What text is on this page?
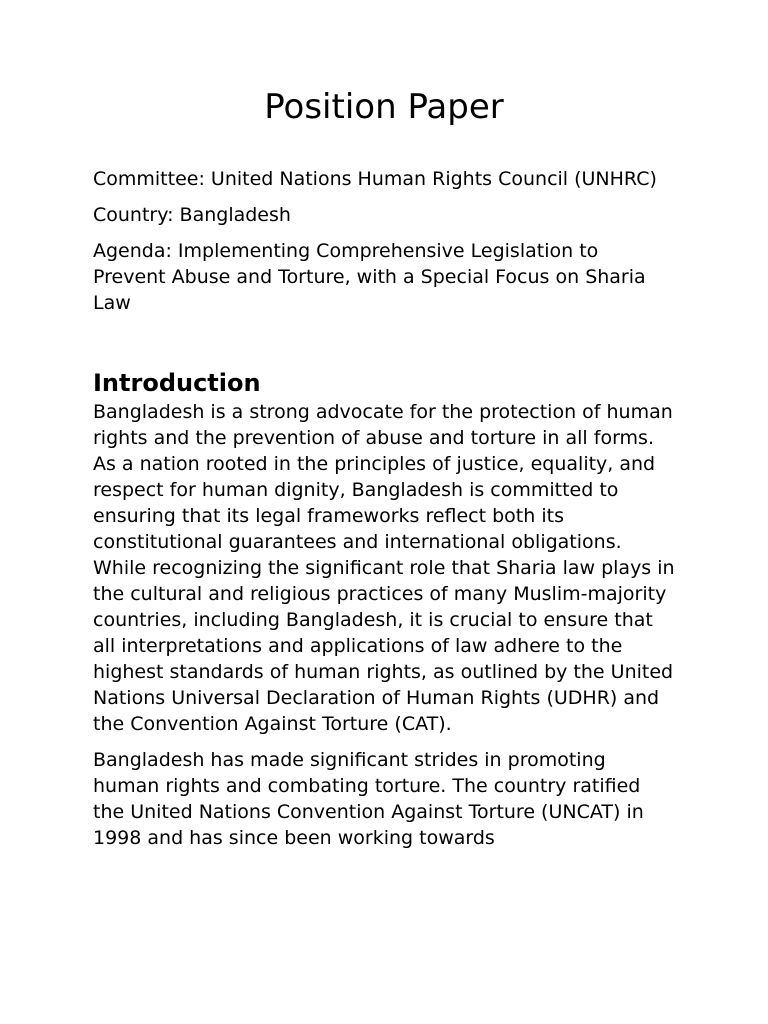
Position Paper

Committee: United Nations Human Rights Council (UNHRC)

Country: Bangladesh

Agenda: Implementing Comprehensive Legislation to Prevent Abuse and Torture, with a Special Focus on Sharia Law

Introduction

Bangladesh is a strong advocate for the protection of human rights and the prevention of abuse and torture in all forms. As a nation rooted in the principles of justice, equality, and respect for human dignity, Bangladesh is committed to ensuring that its legal frameworks reflect both its constitutional guarantees and international obligations. While recognizing the significant role that Sharia law plays in the cultural and religious practices of many Muslim-majority countries, including Bangladesh, it is crucial to ensure that all interpretations and applications of law adhere to the highest standards of human rights, as outlined by the United Nations Universal Declaration of Human Rights (UDHR) and the Convention Against Torture (CAT).

Bangladesh has made significant strides in promoting human rights and combating torture. The country ratified the United Nations Convention Against Torture (UNCAT) in 1998 and has since been working towards
